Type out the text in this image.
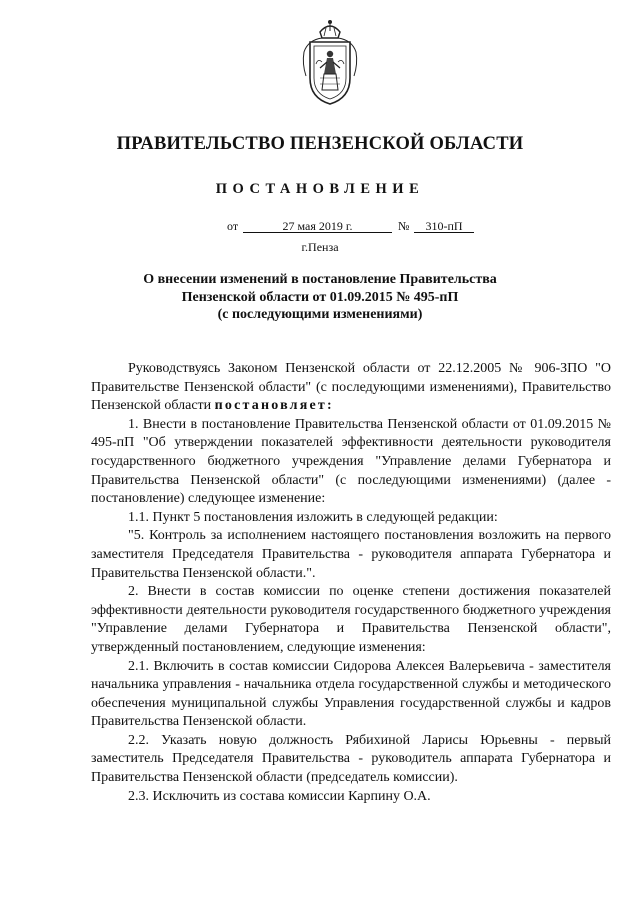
ПРАВИТЕЛЬСТВО ПЕНЗЕНСКОЙ ОБЛАСТИ
ПОСТАНОВЛЕНИЕ
от	27 мая 2019 г.	№	310-пП
г.Пенза
О внесении изменений в постановление Правительства
Пензенской области от 01.09.2015 № 495-пП
(с последующими изменениями)

Руководствуясь Законом Пензенской области от 22.12.2005 № 906-ЗПО "О Правительстве Пензенской области" (с последующими изменениями), Правительство Пензенской области постановляет:

1. Внести в постановление Правительства Пензенской области от 01.09.2015 № 495-пП "Об утверждении показателей эффективности деятельности руководителя государственного бюджетного учреждения "Управление делами Губернатора и Правительства Пензенской области" (с последующими изменениями) (далее - постановление) следующее изменение:

1.1. Пункт 5 постановления изложить в следующей редакции:

"5. Контроль за исполнением настоящего постановления возложить на первого заместителя Председателя Правительства - руководителя аппарата Губернатора и Правительства Пензенской области.".

2. Внести в состав комиссии по оценке степени достижения показателей эффективности деятельности руководителя государственного бюджетного учреждения "Управление делами Губернатора и Правительства Пензенской области", утвержденный постановлением, следующие изменения:

2.1. Включить в состав комиссии Сидорова Алексея Валерьевича - заместителя начальника управления - начальника отдела государственной службы и методического обеспечения муниципальной службы Управления государственной службы и кадров Правительства Пензенской области.

2.2. Указать новую должность Рябихиной Ларисы Юрьевны - первый заместитель Председателя Правительства - руководитель аппарата Губернатора и Правительства Пензенской области (председатель комиссии).

2.3. Исключить из состава комиссии Карпину О.А.
